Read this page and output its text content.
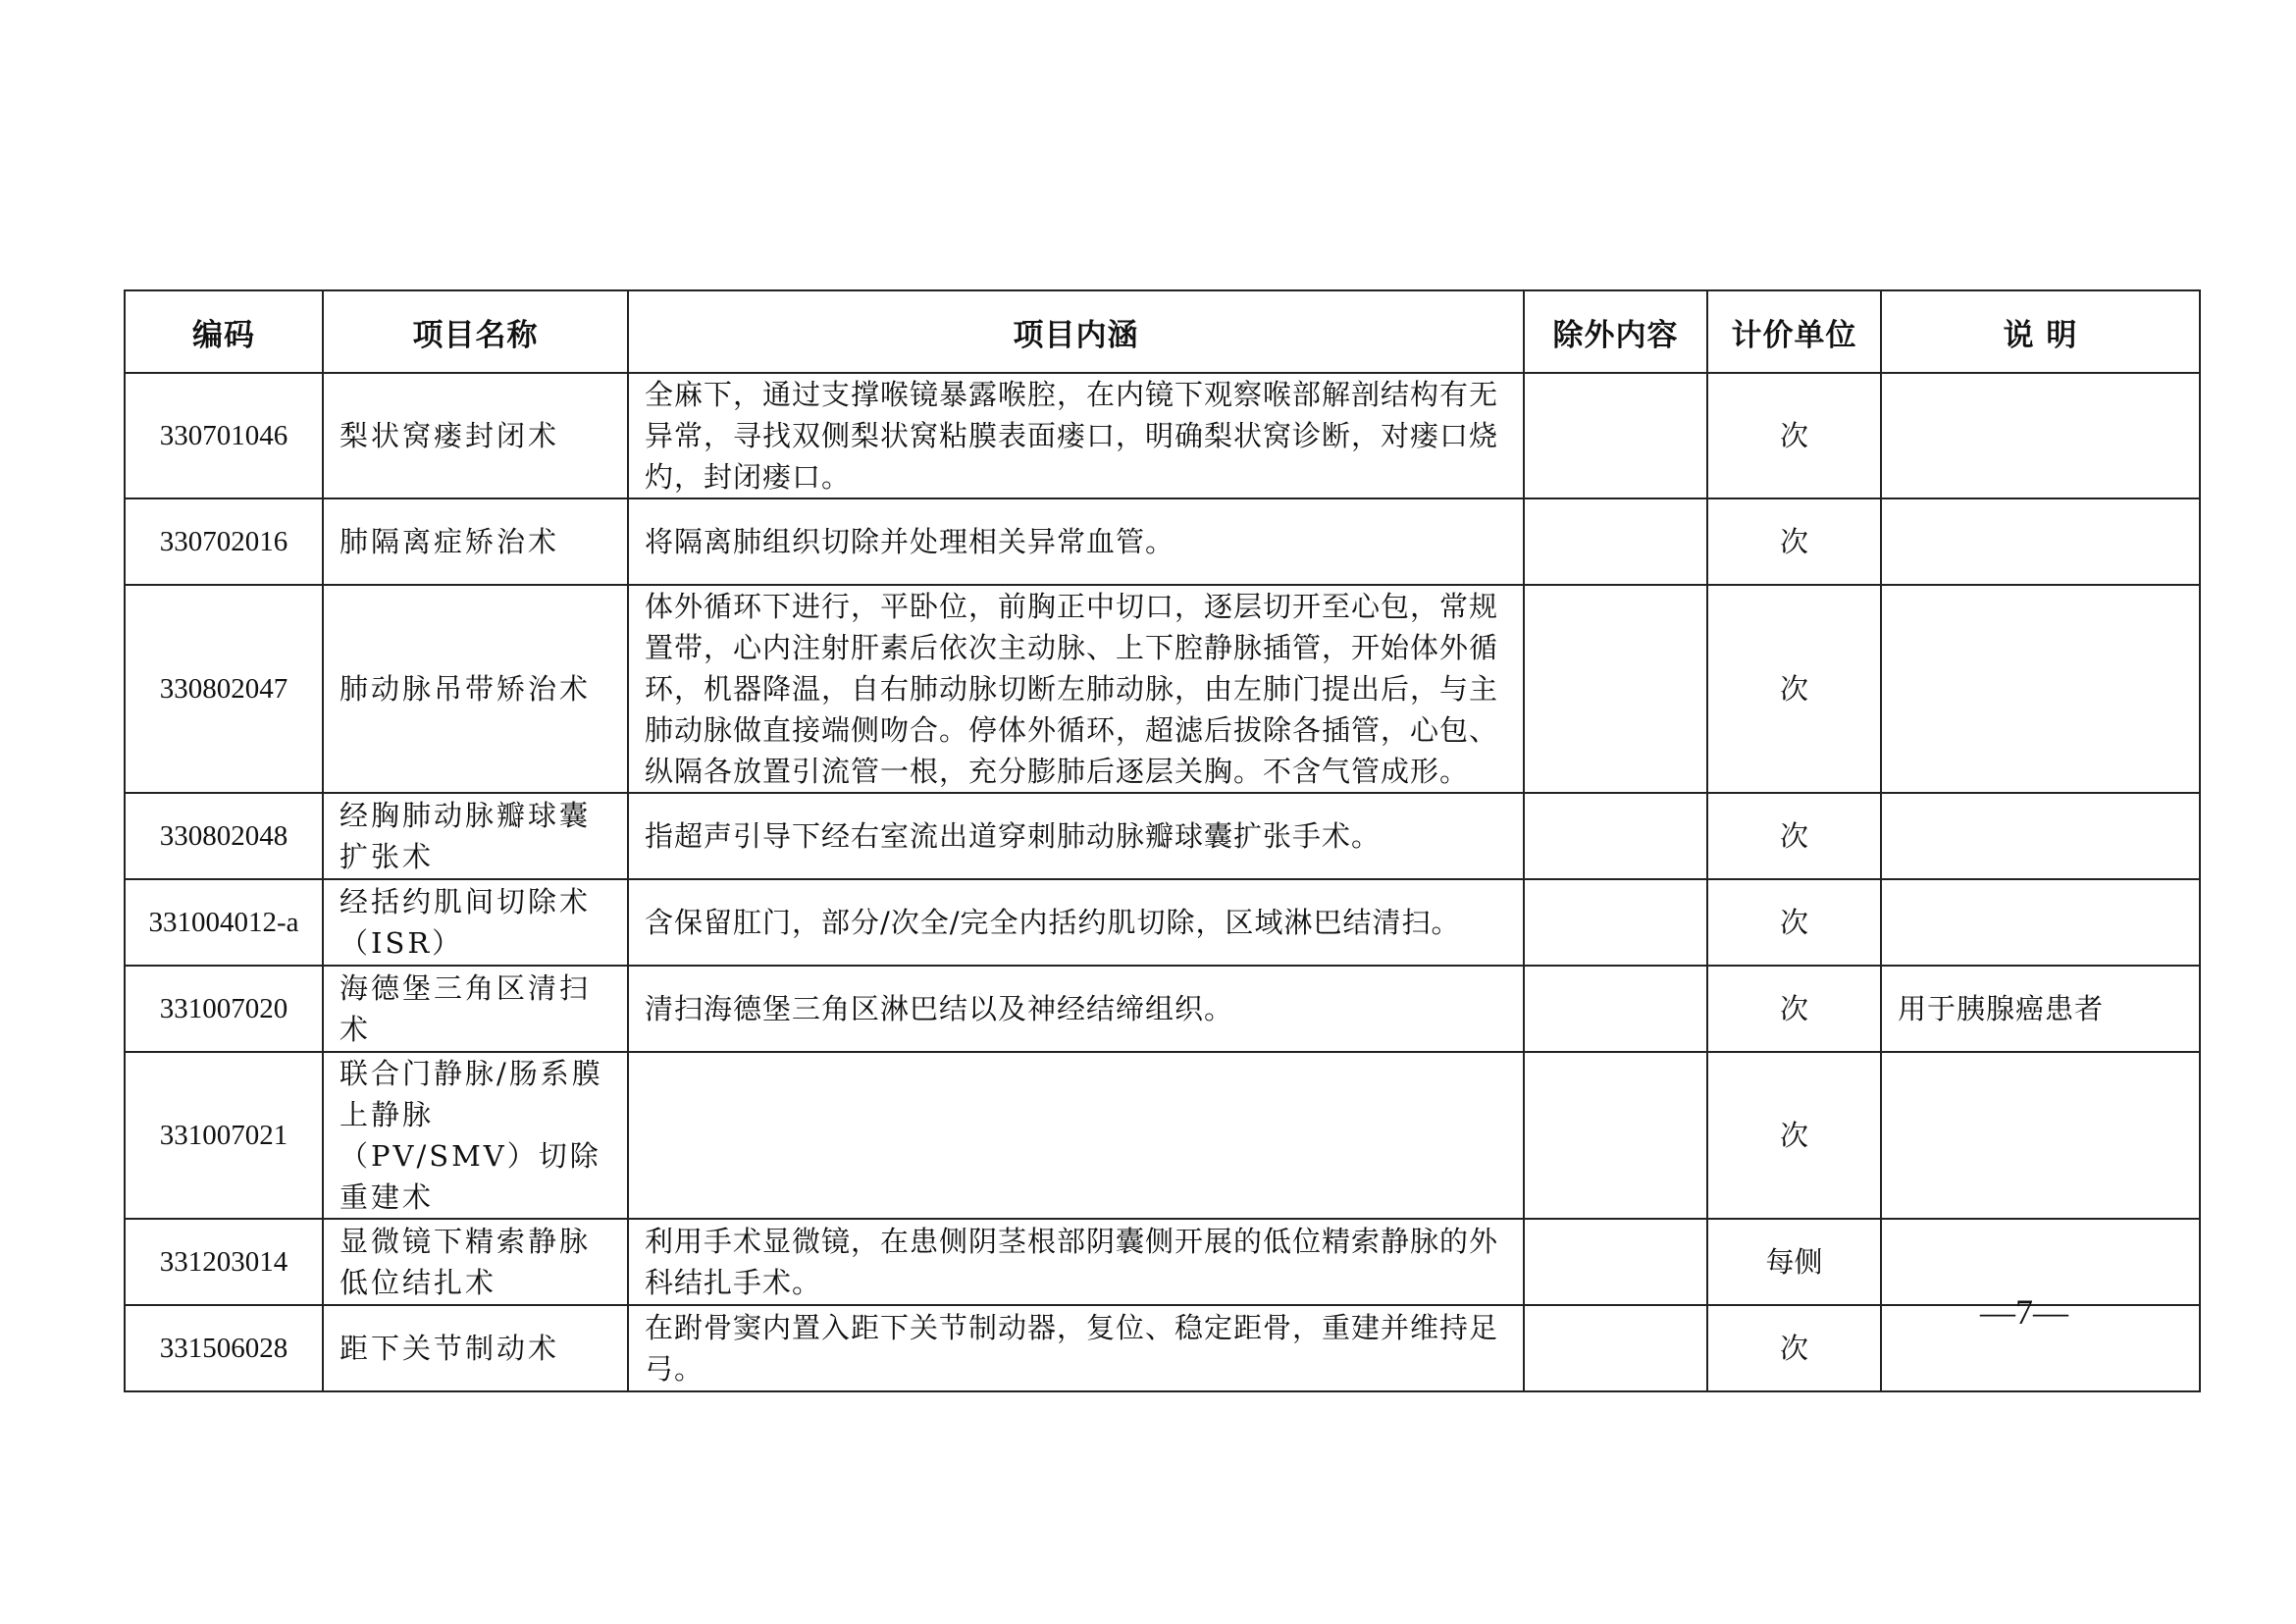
编码	项目名称	项目内涵	除外内容	计价单位	说 明
330701046	梨状窝瘘封闭术	全麻下，通过支撑喉镜暴露喉腔，在内镜下观察喉部解剖结构有无异常，寻找双侧梨状窝粘膜表面瘘口，明确梨状窝诊断，对瘘口烧灼，封闭瘘口。		次	
330702016	肺隔离症矫治术	将隔离肺组织切除并处理相关异常血管。		次	
330802047	肺动脉吊带矫治术	体外循环下进行，平卧位，前胸正中切口，逐层切开至心包，常规置带，心内注射肝素后依次主动脉、上下腔静脉插管，开始体外循环，机器降温，自右肺动脉切断左肺动脉，由左肺门提出后，与主肺动脉做直接端侧吻合。停体外循环，超滤后拔除各插管，心包、纵隔各放置引流管一根，充分膨肺后逐层关胸。不含气管成形。		次	
330802048	经胸肺动脉瓣球囊扩张术	指超声引导下经右室流出道穿刺肺动脉瓣球囊扩张手术。		次	
331004012-a	经括约肌间切除术（ISR）	含保留肛门，部分/次全/完全内括约肌切除，区域淋巴结清扫。		次	
331007020	海德堡三角区清扫术	清扫海德堡三角区淋巴结以及神经结缔组织。		次	用于胰腺癌患者
331007021	联合门静脉/肠系膜上静脉（PV/SMV）切除重建术			次	
331203014	显微镜下精索静脉低位结扎术	利用手术显微镜，在患侧阴茎根部阴囊侧开展的低位精索静脉的外科结扎手术。		每侧	
331506028	距下关节制动术	在跗骨窦内置入距下关节制动器，复位、稳定距骨，重建并维持足弓。		次	
—7—
